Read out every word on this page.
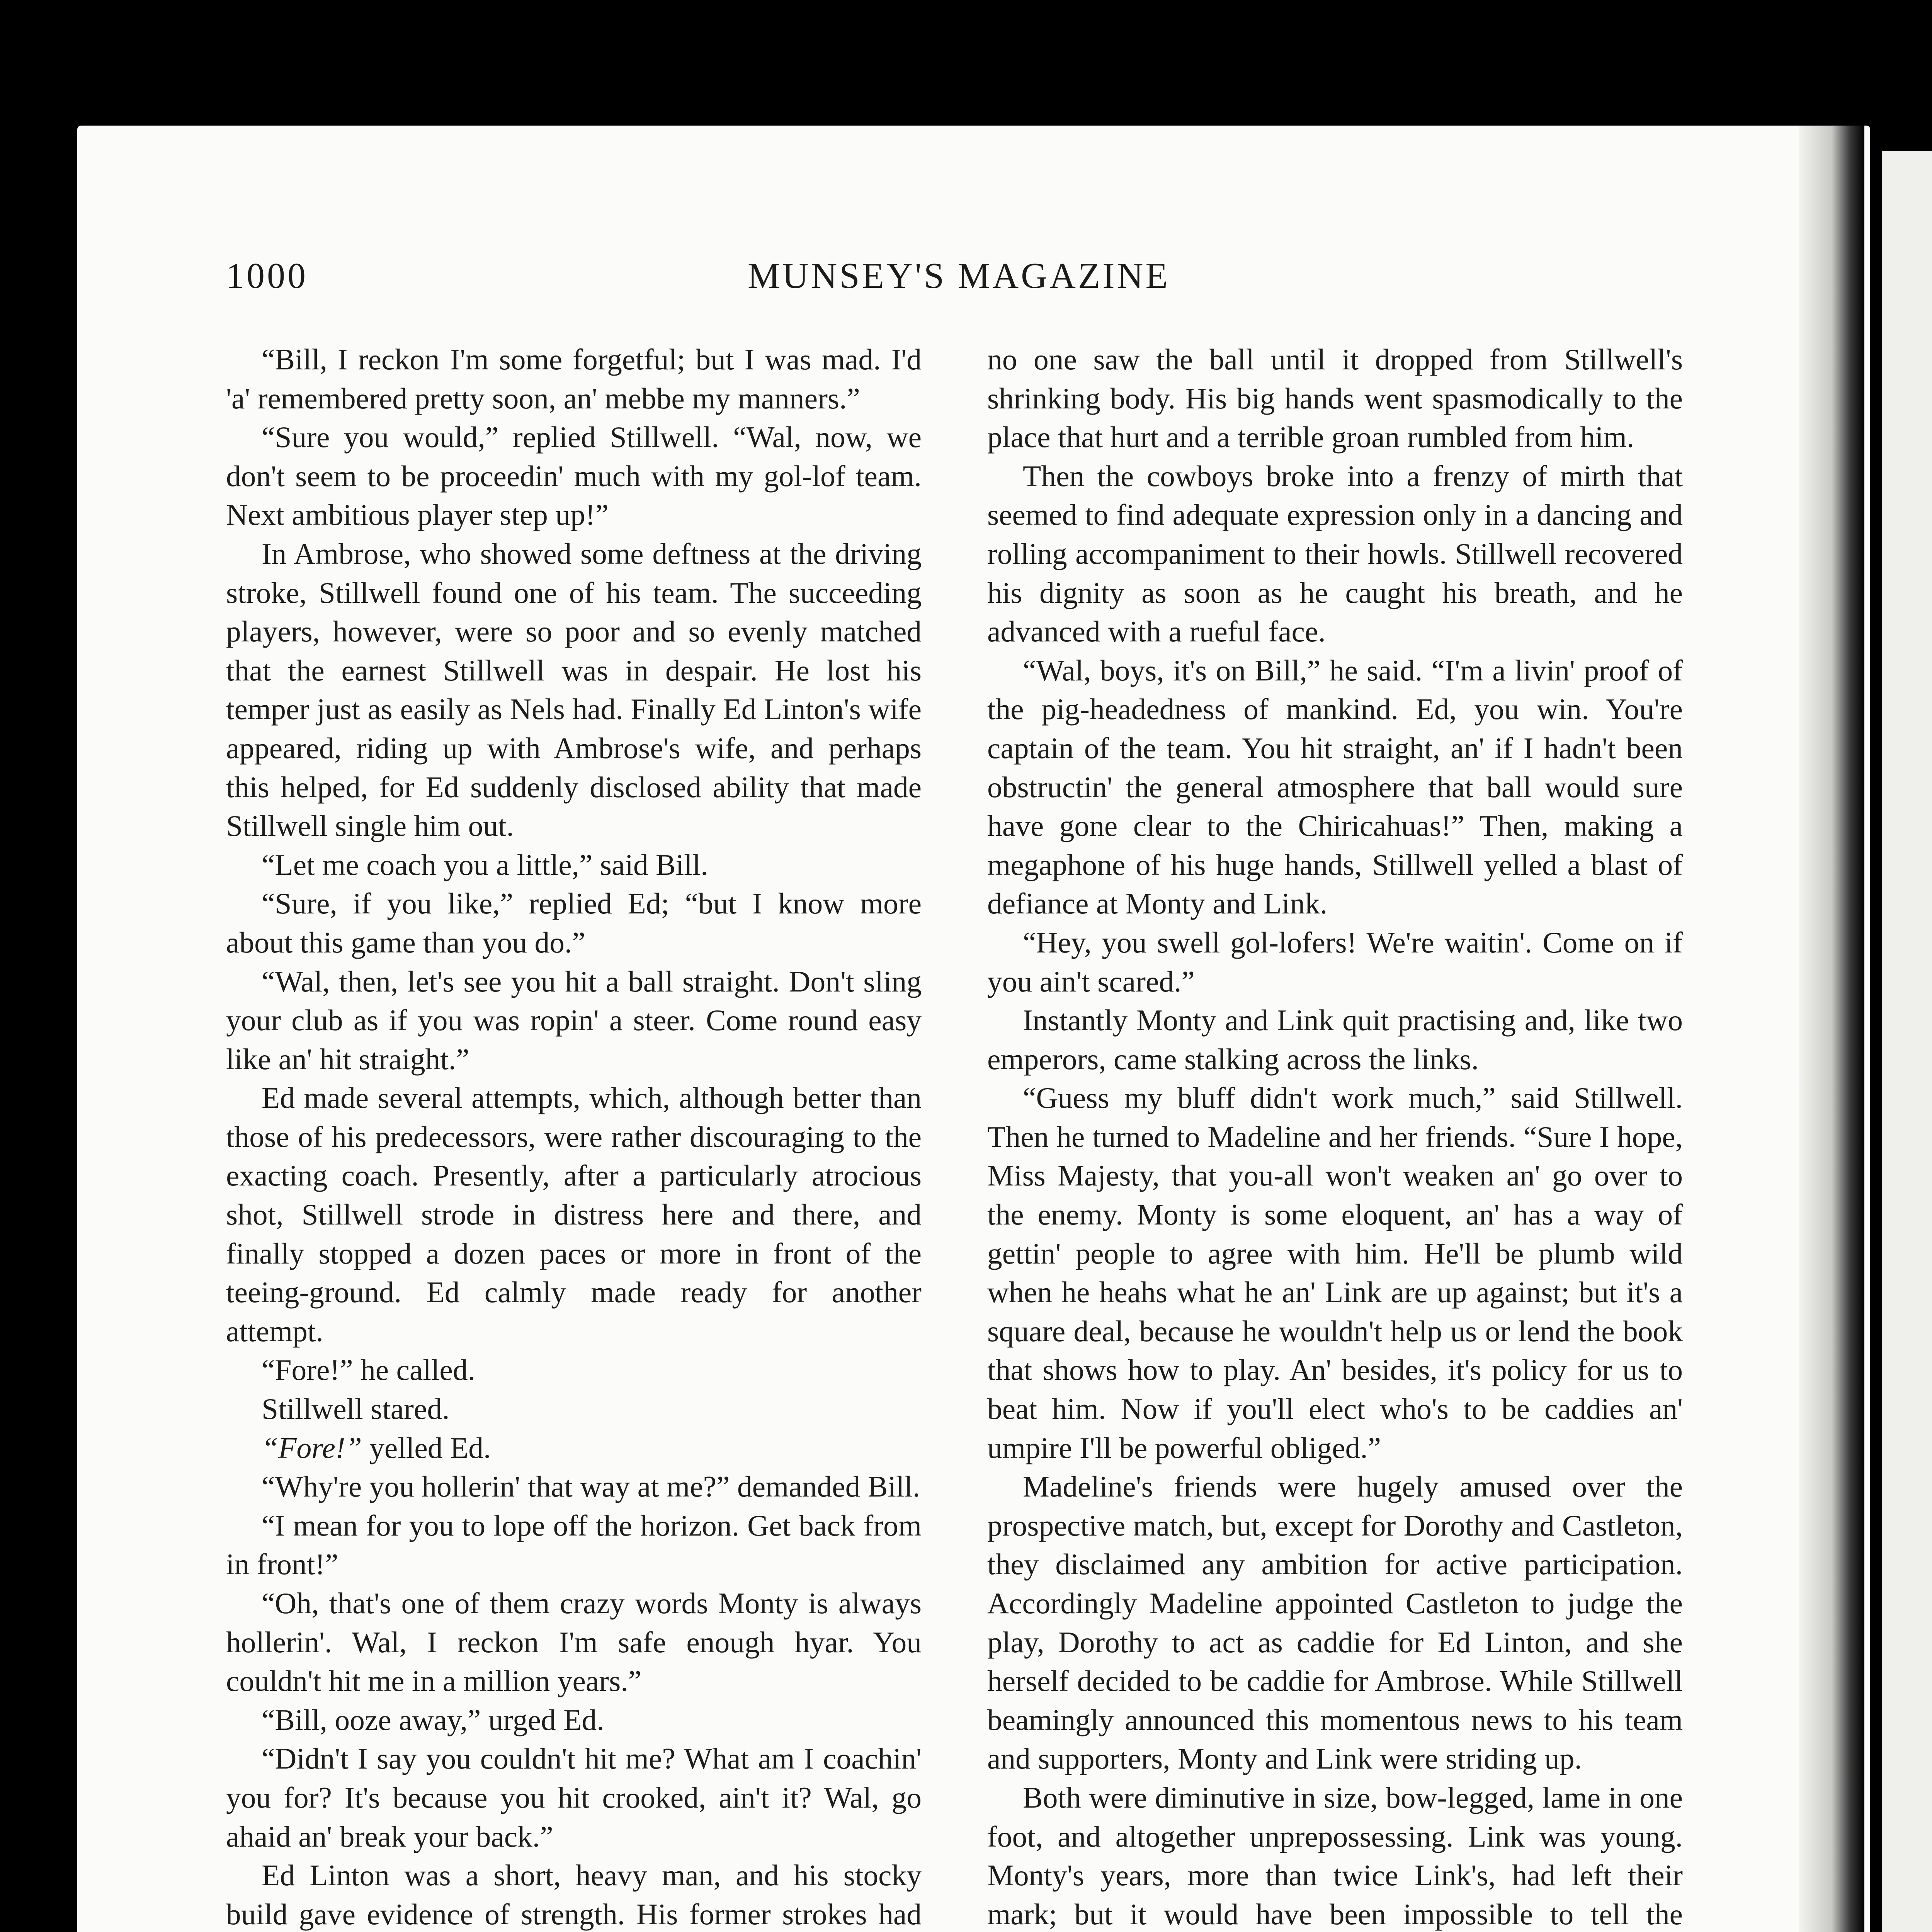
1000	MUNSEY'S MAGAZINE

“Bill, I reckon I'm some forgetful; but I was mad. I'd 'a' remembered pretty soon, an' mebbe my manners.”

“Sure you would,” replied Stillwell. “Wal, now, we don't seem to be proceedin' much with my gol-lof team. Next ambitious player step up!”

In Ambrose, who showed some deftness at the driving stroke, Stillwell found one of his team. The succeeding players, however, were so poor and so evenly matched that the earnest Stillwell was in despair. He lost his temper just as easily as Nels had. Finally Ed Linton's wife appeared, riding up with Ambrose's wife, and perhaps this helped, for Ed suddenly disclosed ability that made Stillwell single him out.

“Let me coach you a little,” said Bill.

“Sure, if you like,” replied Ed; “but I know more about this game than you do.”

“Wal, then, let's see you hit a ball straight. Don't sling your club as if you was ropin' a steer. Come round easy like an' hit straight.”

Ed made several attempts, which, although better than those of his predecessors, were rather discouraging to the exacting coach. Presently, after a particularly atrocious shot, Stillwell strode in distress here and there, and finally stopped a dozen paces or more in front of the teeing-ground. Ed calmly made ready for another attempt.

“Fore!” he called.

Stillwell stared.

“Fore!” yelled Ed.

“Why're you hollerin' that way at me?” demanded Bill.

“I mean for you to lope off the horizon. Get back from in front!”

“Oh, that's one of them crazy words Monty is always hollerin'. Wal, I reckon I'm safe enough hyar. You couldn't hit me in a million years.”

“Bill, ooze away,” urged Ed.

“Didn't I say you couldn't hit me? What am I coachin' you for? It's because you hit crooked, ain't it? Wal, go ahaid an' break your back.”

Ed Linton was a short, heavy man, and his stocky build gave evidence of strength. His former strokes had

no one saw the ball until it dropped from Stillwell's shrinking body. His big hands went spasmodically to the place that hurt and a terrible groan rumbled from him.

Then the cowboys broke into a frenzy of mirth that seemed to find adequate expression only in a dancing and rolling accompaniment to their howls. Stillwell recovered his dignity as soon as he caught his breath, and he advanced with a rueful face.

“Wal, boys, it's on Bill,” he said. “I'm a livin' proof of the pig-headedness of mankind. Ed, you win. You're captain of the team. You hit straight, an' if I hadn't been obstructin' the general atmosphere that ball would sure have gone clear to the Chiricahuas!” Then, making a megaphone of his huge hands, Stillwell yelled a blast of defiance at Monty and Link.

“Hey, you swell gol-lofers! We're waitin'. Come on if you ain't scared.”

Instantly Monty and Link quit practising and, like two emperors, came stalking across the links.

“Guess my bluff didn't work much,” said Stillwell. Then he turned to Madeline and her friends. “Sure I hope, Miss Majesty, that you-all won't weaken an' go over to the enemy. Monty is some eloquent, an' has a way of gettin' people to agree with him. He'll be plumb wild when he heahs what he an' Link are up against; but it's a square deal, because he wouldn't help us or lend the book that shows how to play. An' besides, it's policy for us to beat him. Now if you'll elect who's to be caddies an' umpire I'll be powerful obliged.”

Madeline's friends were hugely amused over the prospective match, but, except for Dorothy and Castleton, they disclaimed any ambition for active participation. Accordingly Madeline appointed Castleton to judge the play, Dorothy to act as caddie for Ed Linton, and she herself decided to be caddie for Ambrose. While Stillwell beamingly announced this momentous news to his team and supporters, Monty and Link were striding up.

Both were diminutive in size, bow-legged, lame in one foot, and altogether unprepossessing. Link was young. Monty's years, more than twice Link's, had left their mark; but it would have been impossible to tell the
